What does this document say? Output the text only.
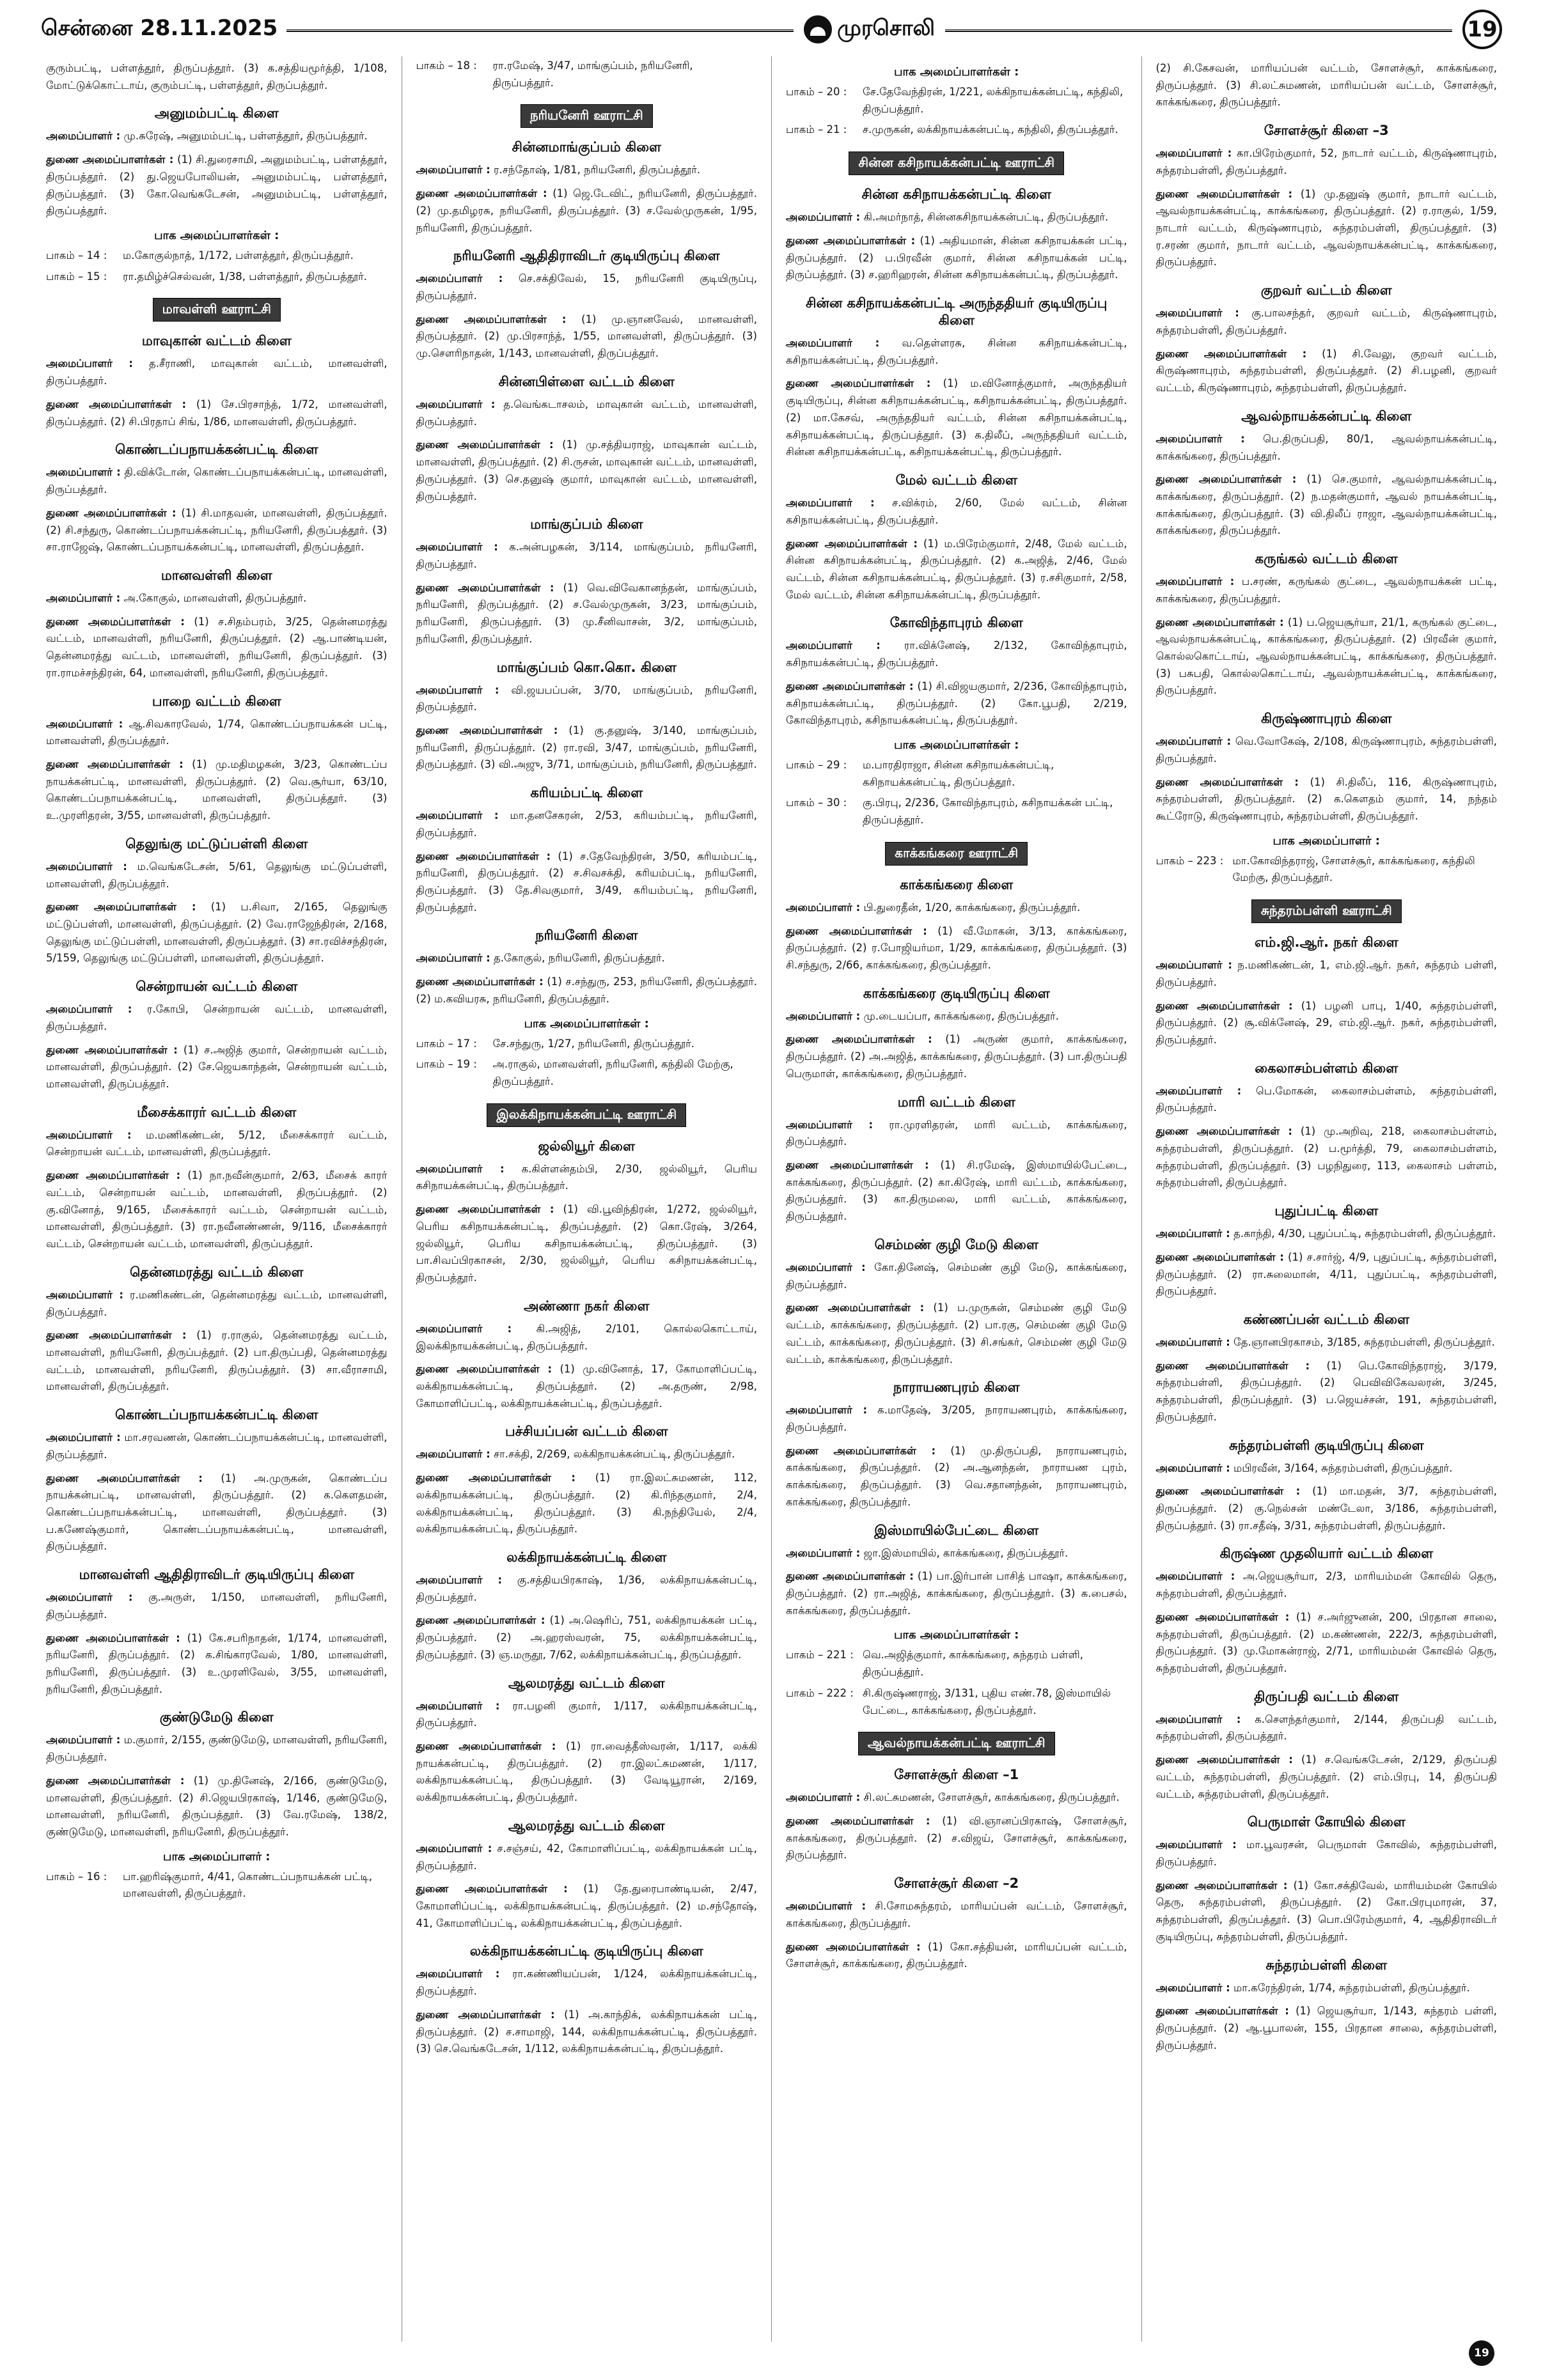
சென்னை 28.11.2025	முரசொலி	19
குரும்பட்டி, பள்ளத்தூர், திருப்பத்தூர். (3) க.சத்தியமூர்த்தி, 1/108, மோட்டுக்கொட்டாய், குரும்பட்டி, பள்ளத்தூர், திருப்பத்தூர்.
அனுமம்பட்டி கிளை
அமைப்பாளர் : மு.சுரேஷ், அனுமம்பட்டி, பள்ளத்தூர், திருப்பத்தூர்.
துணை அமைப்பாளர்கள் : (1) சி.துரைசாமி, அனுமம்பட்டி, பள்ளத்தூர், திருப்பத்தூர். (2) து.ஜெயபோலியன், அனுமம்பட்டி, பள்ளத்தூர், திருப்பத்தூர். (3) கோ.வெங்கடேசன், அனுமம்பட்டி, பள்ளத்தூர், திருப்பத்தூர்.
பாக அமைப்பாளர்கள் :
பாகம் – 14 :	ம.கோகுல்நாத், 1/172, பள்ளத்தூர், திருப்பத்தூர்.
பாகம் – 15 :	ரா.தமிழ்ச்செல்வன், 1/38, பள்ளத்தூர், திருப்பத்தூர்.
மாவள்ளி ஊராட்சி
மாவுகான் வட்டம் கிளை
அமைப்பாளர் : த.சீராணி, மாவுகான் வட்டம், மானவள்ளி, திருப்பத்தூர்.
துணை அமைப்பாளர்கள் : (1) சே.பிரசாந்த், 1/72, மானவள்ளி, திருப்பத்தூர். (2) சி.பிரதாப் சிங், 1/86, மானவள்ளி, திருப்பத்தூர்.
கொண்டப்பநாயக்கன்பட்டி கிளை
அமைப்பாளர் : தி.விக்டோன், கொண்டப்பநாயக்கன்பட்டி, மானவள்ளி, திருப்பத்தூர்.
துணை அமைப்பாளர்கள் : (1) சி.மாதவன், மானவள்ளி, திருப்பத்தூர். (2) சி.சந்துரு, கொண்டப்பநாயக்கன்பட்டி, நரியனேரி, திருப்பத்தூர். (3) சா.ராஜேஷ், கொண்டப்பநாயக்கன்பட்டி, மானவள்ளி, திருப்பத்தூர்.
மானவள்ளி கிளை
அமைப்பாளர் : அ.கோகுல், மானவள்ளி, திருப்பத்தூர்.
துணை அமைப்பாளர்கள் : (1) ச.சிதம்பரம், 3/25, தென்னமரத்து வட்டம், மானவள்ளி, நரியனேரி, திருப்பத்தூர். (2) ஆ.பாண்டியன், தென்னமரத்து வட்டம், மானவள்ளி, நரியனேரி, திருப்பத்தூர். (3) ரா.ராமச்சந்திரன், 64, மானவள்ளி, நரியனேரி, திருப்பத்தூர்.
பாறை வட்டம் கிளை
அமைப்பாளர் : ஆ.சிவகாரவேல், 1/74, கொண்டப்பநாயக்கன் பட்டி, மானவள்ளி, திருப்பத்தூர்.
துணை அமைப்பாளர்கள் : (1) மு.மதிமழகன், 3/23, கொண்டப்ப நாயக்கன்பட்டி, மானவள்ளி, திருப்பத்தூர். (2) வெ.சூர்யா, 63/10, கொண்டப்பநாயக்கன்பட்டி, மானவள்ளி, திருப்பத்தூர். (3) உ.முரளிதரன், 3/55, மானவள்ளி, திருப்பத்தூர்.
தெலுங்கு மட்டுப்பள்ளி கிளை
அமைப்பாளர் : ம.வெங்கடேசன், 5/61, தெலுங்கு மட்டுப்பள்ளி, மானவள்ளி, திருப்பத்தூர்.
துணை அமைப்பாளர்கள் : (1) ப.சிவா, 2/165, தெலுங்கு மட்டுப்பள்ளி, மானவள்ளி, திருப்பத்தூர். (2) வே.ராஜேந்திரன், 2/168, தெலுங்கு மட்டுப்பள்ளி, மானவள்ளி, திருப்பத்தூர். (3) சா.ரவிச்சந்திரன், 5/159, தெலுங்கு மட்டுப்பள்ளி, மானவள்ளி, திருப்பத்தூர்.
சென்றாயன் வட்டம் கிளை
அமைப்பாளர் : ர.கோபி, சென்றாயன் வட்டம், மானவள்ளி, திருப்பத்தூர்.
துணை அமைப்பாளர்கள் : (1) ச.அஜித் குமார், சென்றாயன் வட்டம், மானவள்ளி, திருப்பத்தூர். (2) சே.ஜெயகாந்தன், சென்றாயன் வட்டம், மானவள்ளி, திருப்பத்தூர்.
மீசைக்காரர் வட்டம் கிளை
அமைப்பாளர் : ம.மணிகண்டன், 5/12, மீசைக்காரர் வட்டம், சென்றாயன் வட்டம், மானவள்ளி, திருப்பத்தூர்.
துணை அமைப்பாளர்கள் : (1) நா.நவீன்குமார், 2/63, மீசைக் காரர் வட்டம், சென்றாயன் வட்டம், மானவள்ளி, திருப்பத்தூர். (2) கு.வினோத், 9/165, மீசைக்காரர் வட்டம், சென்றாயன் வட்டம், மானவள்ளி, திருப்பத்தூர். (3) ரா.நவீனண்ணன், 9/116, மீசைக்காரர் வட்டம், சென்றாயன் வட்டம், மானவள்ளி, திருப்பத்தூர்.
தென்னமரத்து வட்டம் கிளை
அமைப்பாளர் : ர.மணிகண்டன், தென்னமரத்து வட்டம், மானவள்ளி, திருப்பத்தூர்.
துணை அமைப்பாளர்கள் : (1) ர.ராகுல், தென்னமரத்து வட்டம், மானவள்ளி, நரியனேரி, திருப்பத்தூர். (2) பா.திருப்பதி, தென்னமரத்து வட்டம், மானவள்ளி, நரியனேரி, திருப்பத்தூர். (3) சா.வீராசாமி, மானவள்ளி, திருப்பத்தூர்.
கொண்டப்பநாயக்கன்பட்டி கிளை
அமைப்பாளர் : மா.சரவணன், கொண்டப்பநாயக்கன்பட்டி, மானவள்ளி, திருப்பத்தூர்.
துணை அமைப்பாளர்கள் : (1) அ.முருகன், கொண்டப்ப நாயக்கன்பட்டி, மானவள்ளி, திருப்பத்தூர். (2) க.கௌதமன், கொண்டப்பநாயக்கன்பட்டி, மானவள்ளி, திருப்பத்தூர். (3) ப.கணேஷ்குமார், கொண்டப்பநாயக்கன்பட்டி, மானவள்ளி, திருப்பத்தூர்.
மானவள்ளி ஆதிதிராவிடர் குடியிருப்பு கிளை
அமைப்பாளர் : கு.அருள், 1/150, மானவள்ளி, நரியனேரி, திருப்பத்தூர்.
துணை அமைப்பாளர்கள் : (1) கே.சபரிநாதன், 1/174, மானவள்ளி, நரியனேரி, திருப்பத்தூர். (2) க.சிங்காரவேல், 1/80, மானவள்ளி, நரியனேரி, திருப்பத்தூர். (3) உ.முரளிவேல், 3/55, மானவள்ளி, நரியனேரி, திருப்பத்தூர்.
குண்டுமேடு கிளை
அமைப்பாளர் : ம.குமார், 2/155, குண்டுமேடு, மானவள்ளி, நரியனேரி, திருப்பத்தூர்.
துணை அமைப்பாளர்கள் : (1) மு.தினேஷ், 2/166, குண்டுமேடு, மானவள்ளி, திருப்பத்தூர். (2) சி.ஜெயபிரகாஷ், 1/146, குண்டுமேடு, மானவள்ளி, நரியனேரி, திருப்பத்தூர். (3) வே.ரமேஷ், 138/2, குண்டுமேடு, மானவள்ளி, நரியனேரி, திருப்பத்தூர்.
பாக அமைப்பாளர் :
பாகம் – 16 :	பா.ஹரிஷ்குமார், 4/41, கொண்டப்பநாயக்கன் பட்டி, மானவள்ளி, திருப்பத்தூர்.
பாகம் – 18 :	ரா.ரமேஷ், 3/47, மாங்குப்பம், நரியனேரி, திருப்பத்தூர்.
நரியனேரி ஊராட்சி
சின்னமாங்குப்பம் கிளை
அமைப்பாளர் : ர.சந்தோஷ், 1/81, நரியனேரி, திருப்பத்தூர்.
துணை அமைப்பாளர்கள் : (1) ஜெ.டேவிட், நரியனேரி, திருப்பத்தூர். (2) மு.தமிழரசு, நரியனேரி, திருப்பத்தூர். (3) ச.வேல்முருகன், 1/95, நரியனேரி, திருப்பத்தூர்.
நரியனேரி ஆதிதிராவிடர் குடியிருப்பு கிளை
அமைப்பாளர் : செ.சக்திவேல், 15, நரியனேரி குடியிருப்பு, திருப்பத்தூர்.
துணை அமைப்பாளர்கள் : (1) மு.ஞானவேல், மானவள்ளி, திருப்பத்தூர். (2) மு.பிரசாந்த், 1/55, மானவள்ளி, திருப்பத்தூர். (3) மு.சௌரிநாதன், 1/143, மானவள்ளி, திருப்பத்தூர்.
சின்னபிள்ளை வட்டம் கிளை
அமைப்பாளர் : த.வெங்கடாசலம், மாவுகான் வட்டம், மானவள்ளி, திருப்பத்தூர்.
துணை அமைப்பாளர்கள் : (1) மு.சத்தியராஜ், மாவுகான் வட்டம், மானவள்ளி, திருப்பத்தூர். (2) சி.ருசன், மாவுகான் வட்டம், மானவள்ளி, திருப்பத்தூர். (3) செ.தனுஷ் குமார், மாவுகான் வட்டம், மானவள்ளி, திருப்பத்தூர்.
மாங்குப்பம் கிளை
அமைப்பாளர் : க.அன்பழகன், 3/114, மாங்குப்பம், நரியனேரி, திருப்பத்தூர்.
துணை அமைப்பாளர்கள் : (1) வெ.விவேகானந்தன், மாங்குப்பம், நரியனேரி, திருப்பத்தூர். (2) ச.வேல்முருகன், 3/23, மாங்குப்பம், நரியனேரி, திருப்பத்தூர். (3) மு.சீனிவாசன், 3/2, மாங்குப்பம், நரியனேரி, திருப்பத்தூர்.
மாங்குப்பம் கொ.கொ. கிளை
அமைப்பாளர் : வி.ஜயபப்பன், 3/70, மாங்குப்பம், நரியனேரி, திருப்பத்தூர்.
துணை அமைப்பாளர்கள் : (1) கு.தனுஷ், 3/140, மாங்குப்பம், நரியனேரி, திருப்பத்தூர். (2) ரா.ரவி, 3/47, மாங்குப்பம், நரியனேரி, திருப்பத்தூர். (3) வி.அஜு, 3/71, மாங்குப்பம், நரியனேரி, திருப்பத்தூர்.
கரியம்பட்டி கிளை
அமைப்பாளர் : மா.தனசேகரன், 2/53, கரியம்பட்டி, நரியனேரி, திருப்பத்தூர்.
துணை அமைப்பாளர்கள் : (1) ச.தேவேந்திரன், 3/50, கரியம்பட்டி, நரியனேரி, திருப்பத்தூர். (2) ச.சிவசக்தி, கரியம்பட்டி, நரியனேரி, திருப்பத்தூர். (3) தே.சிவகுமார், 3/49, கரியம்பட்டி, நரியனேரி, திருப்பத்தூர்.
நரியனேரி கிளை
அமைப்பாளர் : த.கோகுல், நரியனேரி, திருப்பத்தூர்.
துணை அமைப்பாளர்கள் : (1) ச.சந்துரு, 253, நரியனேரி, திருப்பத்தூர். (2) ம.கவியரசு, நரியனேரி, திருப்பத்தூர்.
பாக அமைப்பாளர்கள் :
பாகம் – 17 :	சே.சந்துரு, 1/27, நரியனேரி, திருப்பத்தூர்.
பாகம் – 19 :	அ.ராகுல், மானவள்ளி, நரியனேரி, கந்திலி மேற்கு, திருப்பத்தூர்.
இலக்கிநாயக்கன்பட்டி ஊராட்சி
ஜல்லியூர் கிளை
அமைப்பாளர் : க.கிள்ளன்தம்பி, 2/30, ஜல்லியூர், பெரிய கசிநாயக்கன்பட்டி, திருப்பத்தூர்.
துணை அமைப்பாளர்கள் : (1) வி.பூவிந்திரன், 1/272, ஜல்லியூர், பெரிய கசிநாயக்கன்பட்டி, திருப்பத்தூர். (2) கொ.ரேஷ், 3/264, ஜல்லியூர், பெரிய கசிநாயக்கன்பட்டி, திருப்பத்தூர். (3) பா.சிவப்பிரகாசன், 2/30, ஜல்லியூர், பெரிய கசிநாயக்கன்பட்டி, திருப்பத்தூர்.
அண்ணா நகர் கிளை
அமைப்பாளர் : கி.அஜித், 2/101, கொல்லகொட்டாய், இலக்கிநாயக்கன்பட்டி, திருப்பத்தூர்.
துணை அமைப்பாளர்கள் : (1) மு.வினோத், 17, கோமாளிப்பட்டி, லக்கிநாயக்கன்பட்டி, திருப்பத்தூர். (2) அ.தருண், 2/98, கோமாளிப்பட்டி, லக்கிநாயக்கன்பட்டி, திருப்பத்தூர்.
பச்சியப்பன் வட்டம் கிளை
அமைப்பாளர் : சா.சக்தி, 2/269, லக்கிநாயக்கன்பட்டி, திருப்பத்தூர்.
துணை அமைப்பாளர்கள் : (1) ரா.இலட்சுமணன், 112, லக்கிநாயக்கன்பட்டி, திருப்பத்தூர். (2) கி.ரிந்தகுமார், 2/4, லக்கிநாயக்கன்பட்டி, திருப்பத்தூர். (3) கி.நந்தியேல், 2/4, லக்கிநாயக்கன்பட்டி, திருப்பத்தூர்.
லக்கிநாயக்கன்பட்டி கிளை
அமைப்பாளர் : கு.சத்தியபிரகாஷ், 1/36, லக்கிநாயக்கன்பட்டி, திருப்பத்தூர்.
துணை அமைப்பாளர்கள் : (1) அ.ஷெரிப், 751, லக்கிநாயக்கன் பட்டி, திருப்பத்தூர். (2) அ.ஹரஸ்வரன், 75, லக்கிநாயக்கன்பட்டி, திருப்பத்தூர். (3) ஞ.மருதூ, 7/62, லக்கிநாயக்கன்பட்டி, திருப்பத்தூர்.
ஆலமரத்து வட்டம் கிளை
அமைப்பாளர் : ரா.பழனி குமார், 1/117, லக்கிநாயக்கன்பட்டி, திருப்பத்தூர்.
துணை அமைப்பாளர்கள் : (1) ரா.வைத்தீஸ்வரன், 1/117, லக்கி நாயக்கன்பட்டி, திருப்பத்தூர். (2) ரா.இலட்சுமணன், 1/117, லக்கிநாயக்கன்பட்டி, திருப்பத்தூர். (3) வேடியூரான், 2/169, லக்கிநாயக்கன்பட்டி, திருப்பத்தூர்.
ஆலமரத்து வட்டம் கிளை
அமைப்பாளர் : ச.சஞ்சய், 42, கோமாளிப்பட்டி, லக்கிநாயக்கன் பட்டி, திருப்பத்தூர்.
துணை அமைப்பாளர்கள் : (1) தே.துரைபாண்டியன், 2/47, கோமாளிப்பட்டி, லக்கிநாயக்கன்பட்டி, திருப்பத்தூர். (2) ம.சந்தோஷ், 41, கோமாளிப்பட்டி, லக்கிநாயக்கன்பட்டி, திருப்பத்தூர்.
லக்கிநாயக்கன்பட்டி குடியிருப்பு கிளை
அமைப்பாளர் : ரா.கண்ணியப்பன், 1/124, லக்கிநாயக்கன்பட்டி, திருப்பத்தூர்.
துணை அமைப்பாளர்கள் : (1) அ.காந்திக், லக்கிநாயக்கன் பட்டி, திருப்பத்தூர். (2) ச.சாமாஜி, 144, லக்கிநாயக்கன்பட்டி, திருப்பத்தூர். (3) செ.வெங்கடேசன், 1/112, லக்கிநாயக்கன்பட்டி, திருப்பத்தூர்.
பாக அமைப்பாளர்கள் :
பாகம் – 20 :	சே.தேவேந்திரன், 1/221, லக்கிநாயக்கன்பட்டி, கந்திலி, திருப்பத்தூர்.
பாகம் – 21 :	ச.முருகன், லக்கிநாயக்கன்பட்டி, கந்திலி, திருப்பத்தூர்.
சின்ன கசிநாயக்கன்பட்டி ஊராட்சி
சின்ன கசிநாயக்கன்பட்டி கிளை
அமைப்பாளர் : கி.அமர்நாத், சின்னகசிநாயக்கன்பட்டி, திருப்பத்தூர்.
துணை அமைப்பாளர்கள் : (1) அதியமான், சின்ன கசிநாயக்கன் பட்டி, திருப்பத்தூர். (2) ப.பிரவீன் குமார், சின்ன கசிநாயக்கன் பட்டி, திருப்பத்தூர். (3) ச.ஹரிஹரன், சின்ன கசிநாயக்கன்பட்டி, திருப்பத்தூர்.
சின்ன கசிநாயக்கன்பட்டி அருந்ததியர் குடியிருப்பு கிளை
அமைப்பாளர் : வ.தெள்ளரசு, சின்ன கசிநாயக்கன்பட்டி, கசிநாயக்கன்பட்டி, திருப்பத்தூர்.
துணை அமைப்பாளர்கள் : (1) ம.வினோத்குமார், அருந்ததியர் குடியிருப்பு, சின்ன கசிநாயக்கன்பட்டி, கசிநாயக்கன்பட்டி, திருப்பத்தூர். (2) மா.கேசவ், அருந்ததியர் வட்டம், சின்ன கசிநாயக்கன்பட்டி, கசிநாயக்கன்பட்டி, திருப்பத்தூர். (3) க.திலீப், அருந்ததியர் வட்டம், சின்ன கசிநாயக்கன்பட்டி, கசிநாயக்கன்பட்டி, திருப்பத்தூர்.
மேல் வட்டம் கிளை
அமைப்பாளர் : ச.விக்ரம், 2/60, மேல் வட்டம், சின்ன கசிநாயக்கன்பட்டி, திருப்பத்தூர்.
துணை அமைப்பாளர்கள் : (1) ம.பிரேம்குமார், 2/48, மேல் வட்டம், சின்ன கசிநாயக்கன்பட்டி, திருப்பத்தூர். (2) க.அஜித், 2/46, மேல் வட்டம், சின்ன கசிநாயக்கன்பட்டி, திருப்பத்தூர். (3) ர.சசிகுமார், 2/58, மேல் வட்டம், சின்ன கசிநாயக்கன்பட்டி, திருப்பத்தூர்.
கோவிந்தாபுரம் கிளை
அமைப்பாளர் : ரா.விக்னேஷ், 2/132, கோவிந்தாபுரம், கசிநாயக்கன்பட்டி, திருப்பத்தூர்.
துணை அமைப்பாளர்கள் : (1) சி.விஜயகுமார், 2/236, கோவிந்தாபுரம், கசிநாயக்கன்பட்டி, திருப்பத்தூர். (2) கோ.பூபதி, 2/219, கோவிந்தாபுரம், கசிநாயக்கன்பட்டி, திருப்பத்தூர்.
பாக அமைப்பாளர்கள் :
பாகம் – 29 :	ம.பாரதிராஜா, சின்ன கசிநாயக்கன்பட்டி, கசிநாயக்கன்பட்டி, திருப்பத்தூர்.
பாகம் – 30 :	கு.பிரபு, 2/236, கோவிந்தாபுரம், கசிநாயக்கன் பட்டி, திருப்பத்தூர்.
காக்கங்கரை ஊராட்சி
காக்கங்கரை கிளை
அமைப்பாளர் : பி.துரைதீன், 1/20, காக்கங்கரை, திருப்பத்தூர்.
துணை அமைப்பாளர்கள் : (1) வீ.மோகன், 3/13, காக்கங்கரை, திருப்பத்தூர். (2) ர.போஜியர்மா, 1/29, காக்கங்கரை, திருப்பத்தூர். (3) சி.சந்துரு, 2/66, காக்கங்கரை, திருப்பத்தூர்.
காக்கங்கரை குடியிருப்பு கிளை
அமைப்பாளர் : மு.டையப்பா, காக்கங்கரை, திருப்பத்தூர்.
துணை அமைப்பாளர்கள் : (1) அருண் குமார், காக்கங்கரை, திருப்பத்தூர். (2) அ.அஜித், காக்கங்கரை, திருப்பத்தூர். (3) பா.திருப்பதி பெருமாள், காக்கங்கரை, திருப்பத்தூர்.
மாரி வட்டம் கிளை
அமைப்பாளர் : ரா.முரளிதரன், மாரி வட்டம், காக்கங்கரை, திருப்பத்தூர்.
துணை அமைப்பாளர்கள் : (1) சி.ரமேஷ், இஸ்மாயில்பேட்டை, காக்கங்கரை, திருப்பத்தூர். (2) கா.கிரேஷ், மாரி வட்டம், காக்கங்கரை, திருப்பத்தூர். (3) கா.திருமலை, மாரி வட்டம், காக்கங்கரை, திருப்பத்தூர்.
செம்மண் குழி மேடு கிளை
அமைப்பாளர் : கோ.தினேஷ், செம்மண் குழி மேடு, காக்கங்கரை, திருப்பத்தூர்.
துணை அமைப்பாளர்கள் : (1) ப.முருகன், செம்மண் குழி மேடு வட்டம், காக்கங்கரை, திருப்பத்தூர். (2) பா.ரகு, செம்மண் குழி மேடு வட்டம், காக்கங்கரை, திருப்பத்தூர். (3) சி.சங்கர், செம்மண் குழி மேடு வட்டம், காக்கங்கரை, திருப்பத்தூர்.
நாராயணபுரம் கிளை
அமைப்பாளர் : க.மாதேஷ், 3/205, நாராயணபுரம், காக்கங்கரை, திருப்பத்தூர்.
துணை அமைப்பாளர்கள் : (1) மு.திருப்பதி, நாராயணபுரம், காக்கங்கரை, திருப்பத்தூர். (2) அ.ஆனந்தன், நாராயண புரம், காக்கங்கரை, திருப்பத்தூர். (3) வெ.சதானந்தன், நாராயணபுரம், காக்கங்கரை, திருப்பத்தூர்.
இஸ்மாயில்பேட்டை கிளை
அமைப்பாளர் : ஜா.இஸ்மாயில், காக்கங்கரை, திருப்பத்தூர்.
துணை அமைப்பாளர்கள் : (1) பா.இர்பான் பாசித் பாஷா, காக்கங்கரை, திருப்பத்தூர். (2) ரா.அஜித், காக்கங்கரை, திருப்பத்தூர். (3) க.பைசல், காக்கங்கரை, திருப்பத்தூர்.
பாக அமைப்பாளர்கள் :
பாகம் – 221 : வெ.அஜித்குமார், காக்கங்கரை, சுந்தரம் பள்ளி, திருப்பத்தூர்.
பாகம் – 222 : சி.கிருஷ்ணராஜ், 3/131, புதிய எண்.78, இஸ்மாயில் பேட்டை, காக்கங்கரை, திருப்பத்தூர்.
ஆவல்நாயக்கன்பட்டி ஊராட்சி
சோளச்சூர் கிளை –1
அமைப்பாளர் : சி.லட்சுமணன், சோளச்சூர், காக்கங்கரை, திருப்பத்தூர்.
துணை அமைப்பாளர்கள் : (1) வி.ஞானப்பிரகாஷ், சோளச்சூர், காக்கங்கரை, திருப்பத்தூர். (2) ச.விஜய், சோளச்சூர், காக்கங்கரை, திருப்பத்தூர்.
சோளச்சூர் கிளை –2
அமைப்பாளர் : சி.சோமசுந்தரம், மாரியப்பன் வட்டம், சோளச்சூர், காக்கங்கரை, திருப்பத்தூர்.
துணை அமைப்பாளர்கள் : (1) கோ.சத்தியன், மாரியப்பன் வட்டம், சோளச்சூர், காக்கங்கரை, திருப்பத்தூர்.
(2) சி.கேசவன், மாரியப்பன் வட்டம், சோளச்சூர், காக்கங்கரை, திருப்பத்தூர். (3) சி.லட்சுமணன், மாரியப்பன் வட்டம், சோளச்சூர், காக்கங்கரை, திருப்பத்தூர்.
சோளச்சூர் கிளை –3
அமைப்பாளர் : கா.பிரேம்குமார், 52, நாடார் வட்டம், கிருஷ்ணாபுரம், சுந்தரம்பள்ளி, திருப்பத்தூர்.
துணை அமைப்பாளர்கள் : (1) மு.தனுஷ் குமார், நாடார் வட்டம், ஆவல்நாயக்கன்பட்டி, காக்கங்கரை, திருப்பத்தூர். (2) ர.ராகுல், 1/59, நாடார் வட்டம், கிருஷ்ணாபுரம், சுந்தரம்பள்ளி, திருப்பத்தூர். (3) ர.சரண் குமார், நாடார் வட்டம், ஆவல்நாயக்கன்பட்டி, காக்கங்கரை, திருப்பத்தூர்.
குறவர் வட்டம் கிளை
அமைப்பாளர் : கு.பாலசந்தர், குறவர் வட்டம், கிருஷ்ணாபுரம், சுந்தரம்பள்ளி, திருப்பத்தூர்.
துணை அமைப்பாளர்கள் : (1) சி.வேலு, குறவர் வட்டம், கிருஷ்ணாபுரம், சுந்தரம்பள்ளி, திருப்பத்தூர். (2) சி.பழனி, குறவர் வட்டம், கிருஷ்ணாபுரம், சுந்தரம்பள்ளி, திருப்பத்தூர்.
ஆவல்நாயக்கன்பட்டி கிளை
அமைப்பாளர் : பெ.திருப்பதி, 80/1, ஆவல்நாயக்கன்பட்டி, காக்கங்கரை, திருப்பத்தூர்.
துணை அமைப்பாளர்கள் : (1) செ.குமார், ஆவல்நாயக்கன்பட்டி, காக்கங்கரை, திருப்பத்தூர். (2) ந.மதன்குமார், ஆவல் நாயக்கன்பட்டி, காக்கங்கரை, திருப்பத்தூர். (3) வி.திலீப் ராஜா, ஆவல்நாயக்கன்பட்டி, காக்கங்கரை, திருப்பத்தூர்.
கருங்கல் வட்டம் கிளை
அமைப்பாளர் : ப.சரண், கருங்கல் குட்டை, ஆவல்நாயக்கன் பட்டி, காக்கங்கரை, திருப்பத்தூர்.
துணை அமைப்பாளர்கள் : (1) ப.ஜெயசூர்யா, 21/1, கருங்கல் குட்டை, ஆவல்நாயக்கன்பட்டி, காக்கங்கரை, திருப்பத்தூர். (2) பிரவீன் குமார், கொல்லகொட்டாய், ஆவல்நாயக்கன்பட்டி, காக்கங்கரை, திருப்பத்தூர். (3) பசுபதி, கொல்லகொட்டாய், ஆவல்நாயக்கன்பட்டி, காக்கங்கரை, திருப்பத்தூர்.
கிருஷ்ணாபுரம் கிளை
அமைப்பாளர் : வெ.வோகேஷ், 2/108, கிருஷ்ணாபுரம், சுந்தரம்பள்ளி, திருப்பத்தூர்.
துணை அமைப்பாளர்கள் : (1) சி.திலீப், 116, கிருஷ்ணாபுரம், சுந்தரம்பள்ளி, திருப்பத்தூர். (2) க.கௌதம் குமார், 14, நந்தம் கூட்ரோடு, கிருஷ்ணாபுரம், சுந்தரம்பள்ளி, திருப்பத்தூர்.
பாக அமைப்பாளர் :
பாகம் – 223 : மா.கோவிந்தராஜ், சோளச்சூர், காக்கங்கரை, கந்திலி மேற்கு, திருப்பத்தூர்.
சுந்தரம்பள்ளி ஊராட்சி
எம்.ஜி.ஆர். நகர் கிளை
அமைப்பாளர் : ந.மணிகண்டன், 1, எம்.ஜி.ஆர். நகர், சுந்தரம் பள்ளி, திருப்பத்தூர்.
துணை அமைப்பாளர்கள் : (1) பழனி பாபு, 1/40, சுந்தரம்பள்ளி, திருப்பத்தூர். (2) சூ.விக்னேஷ், 29, எம்.ஜி.ஆர். நகர், சுந்தரம்பள்ளி, திருப்பத்தூர்.
கைலாசம்பள்ளம் கிளை
அமைப்பாளர் : பெ.மோகன், கைலாசம்பள்ளம், சுந்தரம்பள்ளி, திருப்பத்தூர்.
துணை அமைப்பாளர்கள் : (1) மு.அறிவு, 218, கைலாசம்பள்ளம், சுந்தரம்பள்ளி, திருப்பத்தூர். (2) ப.மூர்த்தி, 79, கைலாசம்பள்ளம், சுந்தரம்பள்ளி, திருப்பத்தூர். (3) பழநிதுரை, 113, கைலாசம் பள்ளம், சுந்தரம்பள்ளி, திருப்பத்தூர்.
புதுப்பட்டி கிளை
அமைப்பாளர் : த.காந்தி, 4/30, புதுப்பட்டி, சுந்தரம்பள்ளி, திருப்பத்தூர்.
துணை அமைப்பாளர்கள் : (1) ச.சார்ஜ், 4/9, புதுப்பட்டி, சுந்தரம்பள்ளி, திருப்பத்தூர். (2) ரா.சுலைமான், 4/11, புதுப்பட்டி, சுந்தரம்பள்ளி, திருப்பத்தூர்.
கண்ணப்பன் வட்டம் கிளை
அமைப்பாளர் : தே.ஞானபிரகாசம், 3/185, சுந்தரம்பள்ளி, திருப்பத்தூர்.
துணை அமைப்பாளர்கள் : (1) பெ.கோவிந்தராஜ், 3/179, சுந்தரம்பள்ளி, திருப்பத்தூர். (2) பெவிவிகேவலரன், 3/245, சுந்தரம்பள்ளி, திருப்பத்தூர். (3) ப.ஜெயச்சன், 191, சுந்தரம்பள்ளி, திருப்பத்தூர்.
சுந்தரம்பள்ளி குடியிருப்பு கிளை
அமைப்பாளர் : மபிரவீன், 3/164, சுந்தரம்பள்ளி, திருப்பத்தூர்.
துணை அமைப்பாளர்கள் : (1) மா.மதன், 3/7, சுந்தரம்பள்ளி, திருப்பத்தூர். (2) கு.நெல்சன் மண்டேலா, 3/186, சுந்தரம்பள்ளி, திருப்பத்தூர். (3) ரா.சதீஷ், 3/31, சுந்தரம்பள்ளி, திருப்பத்தூர்.
கிருஷ்ண முதலியார் வட்டம் கிளை
அமைப்பாளர் : அ.ஜெயசூர்யா, 2/3, மாரியம்மன் கோவில் தெரு, சுந்தரம்பள்ளி, திருப்பத்தூர்.
துணை அமைப்பாளர்கள் : (1) ச.அர்ஜுனன், 200, பிரதான சாலை, சுந்தரம்பள்ளி, திருப்பத்தூர். (2) ம.கண்ணன், 222/3, சுந்தரம்பள்ளி, திருப்பத்தூர். (3) மு.மோகன்ராஜ், 2/71, மாரியம்மன் கோவில் தெரு, சுந்தரம்பள்ளி, திருப்பத்தூர்.
திருப்பதி வட்டம் கிளை
அமைப்பாளர் : க.சௌந்தர்குமார், 2/144, திருப்பதி வட்டம், சுந்தரம்பள்ளி, திருப்பத்தூர்.
துணை அமைப்பாளர்கள் : (1) ச.வெங்கடேசன், 2/129, திருப்பதி வட்டம், சுந்தரம்பள்ளி, திருப்பத்தூர். (2) எம்.பிரபு, 14, திருப்பதி வட்டம், சுந்தரம்பள்ளி, திருப்பத்தூர்.
பெருமாள் கோயில் கிளை
அமைப்பாளர் : மா.பூவரசன், பெருமாள் கோவில், சுந்தரம்பள்ளி, திருப்பத்தூர்.
துணை அமைப்பாளர்கள் : (1) கோ.சக்திவேல், மாரியம்மன் கோயில் தெரு, சுந்தரம்பள்ளி, திருப்பத்தூர். (2) கோ.பிரபுமாரன், 37, சுந்தரம்பள்ளி, திருப்பத்தூர். (3) பொ.பிரேம்குமார், 4, ஆதிதிராவிடர் குடியிருப்பு, சுந்தரம்பள்ளி, திருப்பத்தூர்.
சுந்தரம்பள்ளி கிளை
அமைப்பாளர் : மா.கரேந்திரன், 1/74, சுந்தரம்பள்ளி, திருப்பத்தூர்.
துணை அமைப்பாளர்கள் : (1) ஜெயசூர்யா, 1/143, சுந்தரம் பள்ளி, திருப்பத்தூர். (2) ஆ.பூபாலன், 155, பிரதான சாலை, சுந்தரம்பள்ளி, திருப்பத்தூர்.
19
